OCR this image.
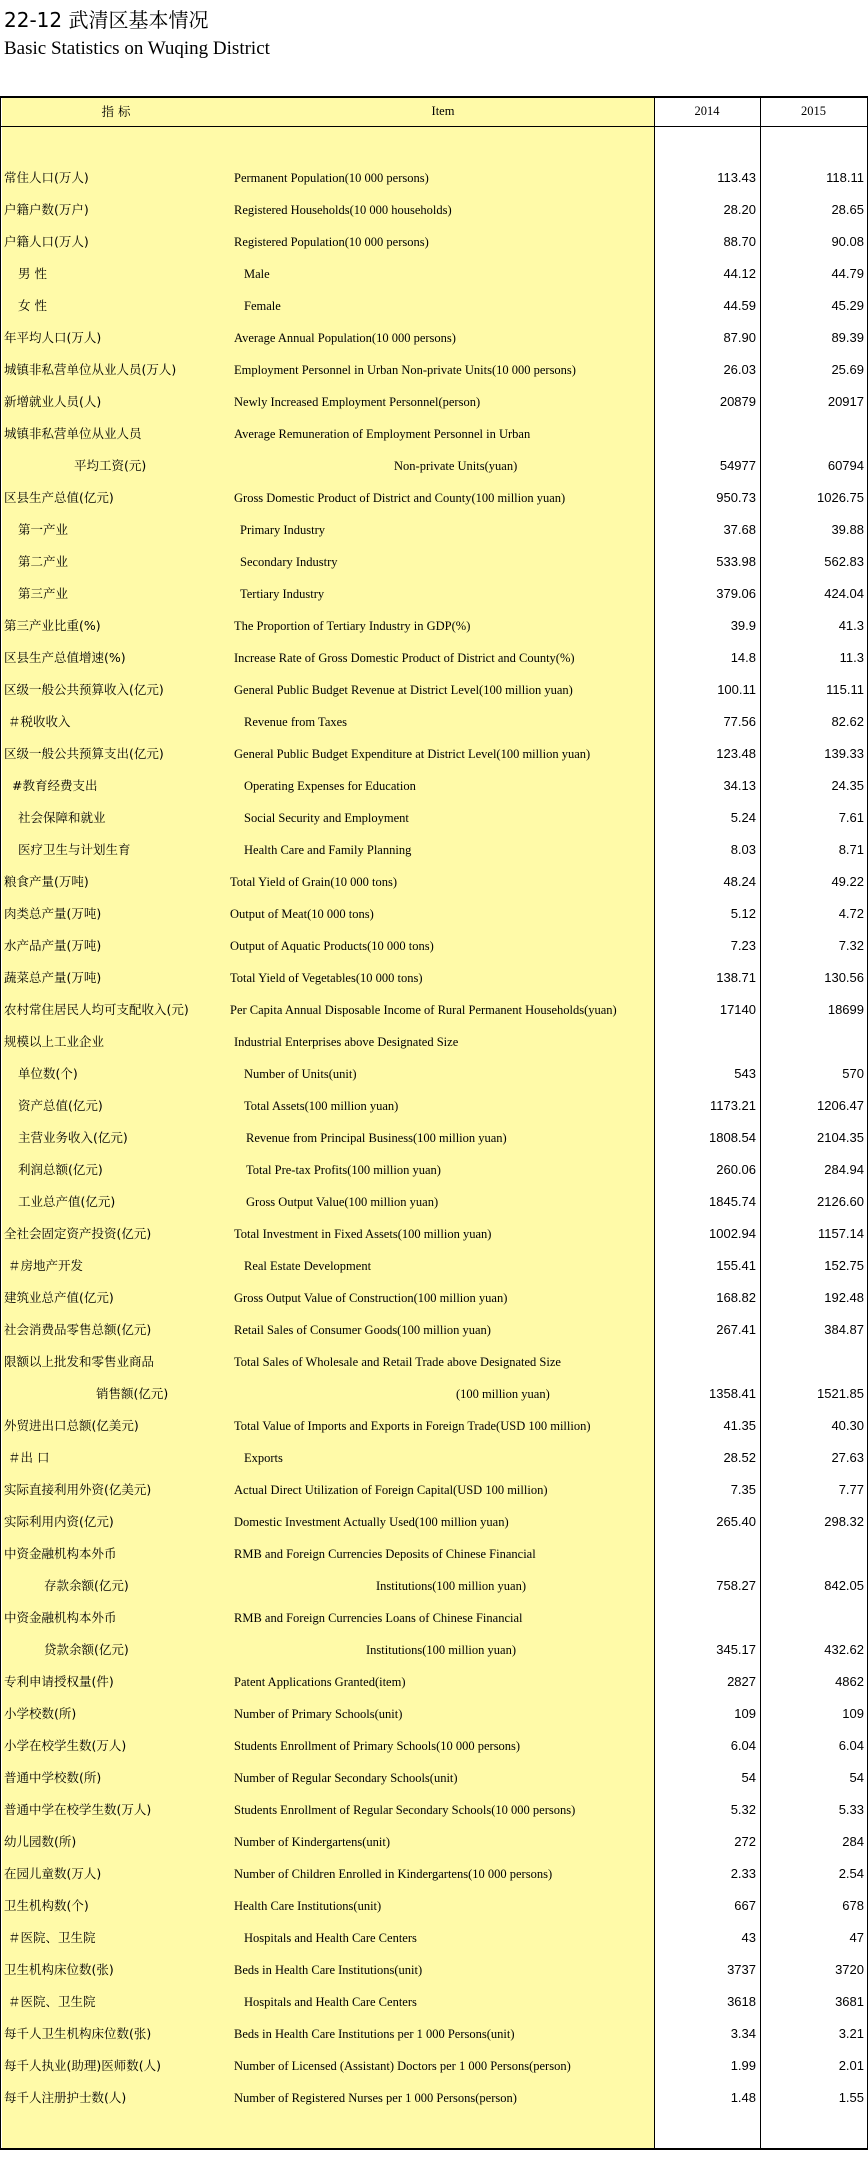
22-12 武清区基本情况
Basic Statistics on Wuqing District
指 标	Item	2014	2015
常住人口(万人)	Permanent Population(10 000 persons)	113.43	118.11
户籍户数(万户)	Registered Households(10 000 households)	28.20	28.65
户籍人口(万人)	Registered Population(10 000 persons)	88.70	90.08
男 性	Male	44.12	44.79
女 性	Female	44.59	45.29
年平均人口(万人)	Average Annual Population(10 000 persons)	87.90	89.39
城镇非私营单位从业人员(万人)	Employment Personnel in Urban Non-private Units(10 000 persons)	26.03	25.69
新增就业人员(人)	Newly Increased Employment Personnel(person)	20879	20917
城镇非私营单位从业人员	Average Remuneration of Employment Personnel in Urban
平均工资(元)	Non-private Units(yuan)	54977	60794
区县生产总值(亿元)	Gross Domestic Product of District and County(100 million yuan)	950.73	1026.75
第一产业	Primary Industry	37.68	39.88
第二产业	Secondary Industry	533.98	562.83
第三产业	Tertiary Industry	379.06	424.04
第三产业比重(%)	The Proportion of Tertiary Industry in GDP(%)	39.9	41.3
区县生产总值增速(%)	Increase Rate of Gross Domestic Product of District and County(%)	14.8	11.3
区级一般公共预算收入(亿元)	General Public Budget Revenue at District Level(100 million yuan)	100.11	115.11
＃税收收入	Revenue from Taxes	77.56	82.62
区级一般公共预算支出(亿元)	General Public Budget Expenditure at District Level(100 million yuan)	123.48	139.33
#教育经费支出	Operating Expenses for Education	34.13	24.35
社会保障和就业	Social Security and Employment	5.24	7.61
医疗卫生与计划生育	Health Care and Family Planning	8.03	8.71
粮食产量(万吨)	Total Yield of Grain(10 000 tons)	48.24	49.22
肉类总产量(万吨)	Output of Meat(10 000 tons)	5.12	4.72
水产品产量(万吨)	Output of Aquatic Products(10 000 tons)	7.23	7.32
蔬菜总产量(万吨)	Total Yield of Vegetables(10 000 tons)	138.71	130.56
农村常住居民人均可支配收入(元)	Per Capita Annual Disposable Income of Rural Permanent Households(yuan)	17140	18699
规模以上工业企业	Industrial Enterprises above Designated Size
单位数(个)	Number of Units(unit)	543	570
资产总值(亿元)	Total Assets(100 million yuan)	1173.21	1206.47
主营业务收入(亿元)	Revenue from Principal Business(100 million yuan)	1808.54	2104.35
利润总额(亿元)	Total Pre-tax Profits(100 million yuan)	260.06	284.94
工业总产值(亿元)	Gross Output Value(100 million yuan)	1845.74	2126.60
全社会固定资产投资(亿元)	Total Investment in Fixed Assets(100 million yuan)	1002.94	1157.14
＃房地产开发	Real Estate Development	155.41	152.75
建筑业总产值(亿元)	Gross Output Value of Construction(100 million yuan)	168.82	192.48
社会消费品零售总额(亿元)	Retail Sales of Consumer Goods(100 million yuan)	267.41	384.87
限额以上批发和零售业商品	Total Sales of Wholesale and Retail Trade above Designated Size
销售额(亿元)	(100 million yuan)	1358.41	1521.85
外贸进出口总额(亿美元)	Total Value of Imports and Exports in Foreign Trade(USD 100 million)	41.35	40.30
＃出 口	Exports	28.52	27.63
实际直接利用外资(亿美元)	Actual Direct Utilization of Foreign Capital(USD 100 million)	7.35	7.77
实际利用内资(亿元)	Domestic Investment Actually Used(100 million yuan)	265.40	298.32
中资金融机构本外币	RMB and Foreign Currencies Deposits of Chinese Financial
存款余额(亿元)	Institutions(100 million yuan)	758.27	842.05
中资金融机构本外币	RMB and Foreign Currencies Loans of Chinese Financial
贷款余额(亿元)	Institutions(100 million yuan)	345.17	432.62
专利申请授权量(件)	Patent Applications Granted(item)	2827	4862
小学校数(所)	Number of Primary Schools(unit)	109	109
小学在校学生数(万人)	Students Enrollment of Primary Schools(10 000 persons)	6.04	6.04
普通中学校数(所)	Number of Regular Secondary Schools(unit)	54	54
普通中学在校学生数(万人)	Students Enrollment of Regular Secondary Schools(10 000 persons)	5.32	5.33
幼儿园数(所)	Number of Kindergartens(unit)	272	284
在园儿童数(万人)	Number of Children Enrolled in Kindergartens(10 000 persons)	2.33	2.54
卫生机构数(个)	Health Care Institutions(unit)	667	678
＃医院、卫生院	Hospitals and Health Care Centers	43	47
卫生机构床位数(张)	Beds in Health Care Institutions(unit)	3737	3720
＃医院、卫生院	Hospitals and Health Care Centers	3618	3681
每千人卫生机构床位数(张)	Beds in Health Care Institutions per 1 000 Persons(unit)	3.34	3.21
每千人执业(助理)医师数(人)	Number of Licensed (Assistant) Doctors per 1 000 Persons(person)	1.99	2.01
每千人注册护士数(人)	Number of Registered Nurses per 1 000 Persons(person)	1.48	1.55
